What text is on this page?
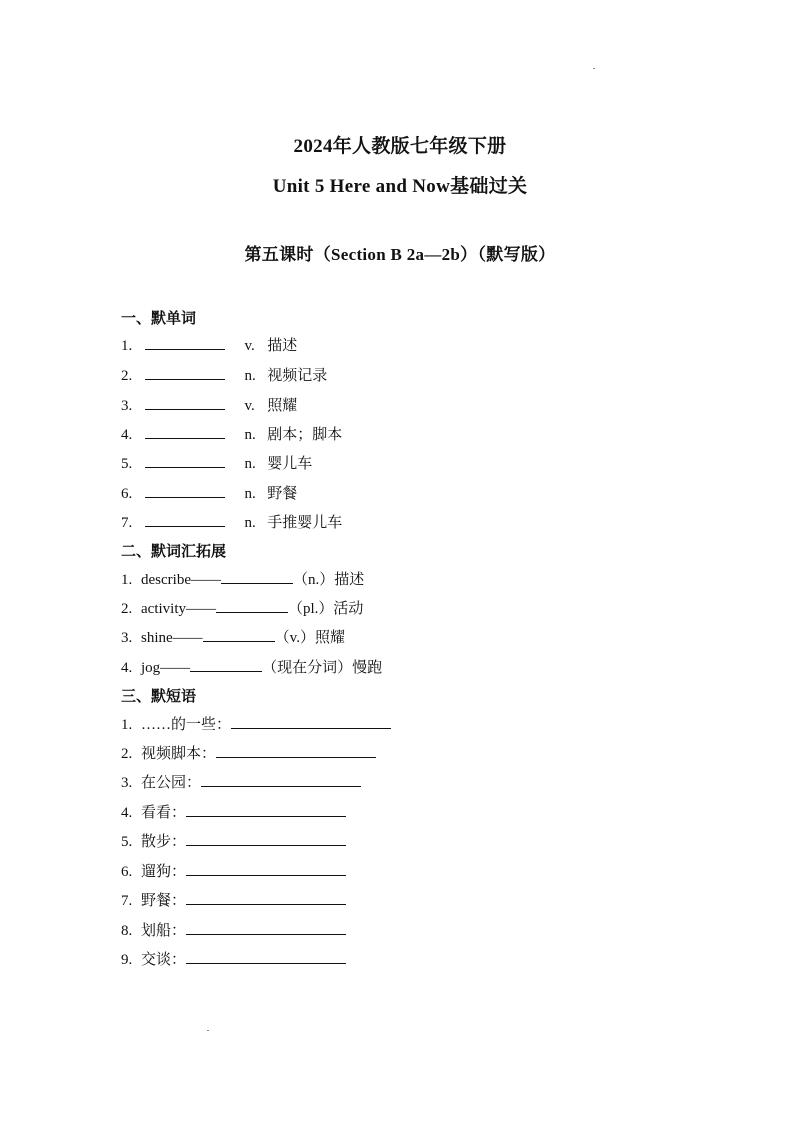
2024年人教版七年级下册
Unit 5 Here and Now基础过关
第五课时（Section B 2a—2b）（默写版）
一、默单词
1.	v. 描述
2.	n. 视频记录
3.	v. 照耀
4.	n. 剧本；脚本
5.	n. 婴儿车
6.	n. 野餐
7.	n. 手推婴儿车
二、默词汇拓展
1. describe——	（n.）描述
2. activity——	（pl.）活动
3. shine——	（v.）照耀
4. jog——	（现在分词）慢跑
三、默短语
1. ……的一些：
2. 视频脚本：
3. 在公园：
4. 看看：
5. 散步：
6. 遛狗：
7. 野餐：
8. 划船：
9. 交谈：
